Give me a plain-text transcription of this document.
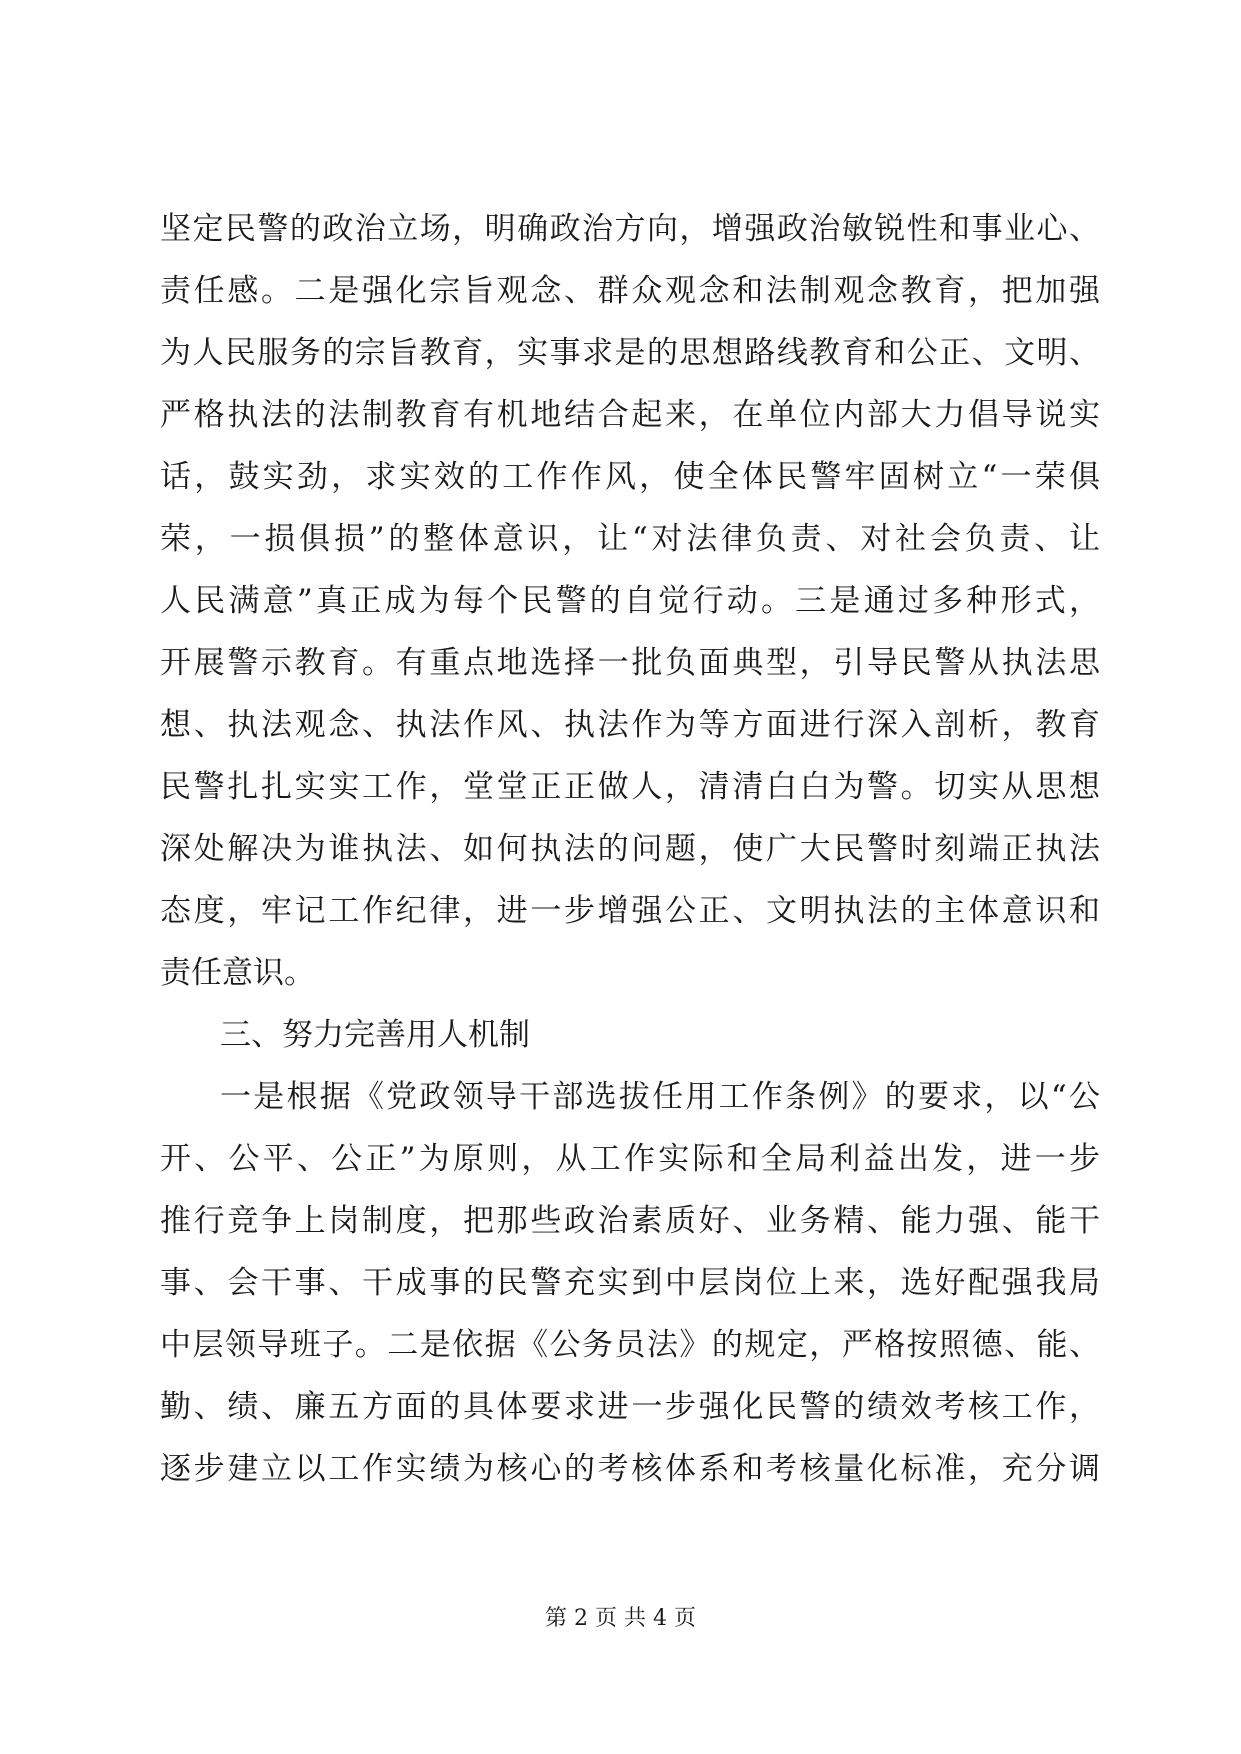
坚定民警的政治立场，明确政治方向，增强政治敏锐性和事业心、
责任感。二是强化宗旨观念、群众观念和法制观念教育，把加强
为人民服务的宗旨教育，实事求是的思想路线教育和公正、文明、
严格执法的法制教育有机地结合起来，在单位内部大力倡导说实
话，鼓实劲，求实效的工作作风，使全体民警牢固树立“一荣俱
荣，一损俱损”的整体意识，让“对法律负责、对社会负责、让
人民满意”真正成为每个民警的自觉行动。三是通过多种形式，
开展警示教育。有重点地选择一批负面典型，引导民警从执法思
想、执法观念、执法作风、执法作为等方面进行深入剖析，教育
民警扎扎实实工作，堂堂正正做人，清清白白为警。切实从思想
深处解决为谁执法、如何执法的问题，使广大民警时刻端正执法
态度，牢记工作纪律，进一步增强公正、文明执法的主体意识和
责任意识。
三、努力完善用人机制
一是根据《党政领导干部选拔任用工作条例》的要求，以“公
开、公平、公正”为原则，从工作实际和全局利益出发，进一步
推行竞争上岗制度，把那些政治素质好、业务精、能力强、能干
事、会干事、干成事的民警充实到中层岗位上来，选好配强我局
中层领导班子。二是依据《公务员法》的规定，严格按照德、能、
勤、绩、廉五方面的具体要求进一步强化民警的绩效考核工作，
逐步建立以工作实绩为核心的考核体系和考核量化标准，充分调
第 2 页 共 4 页
